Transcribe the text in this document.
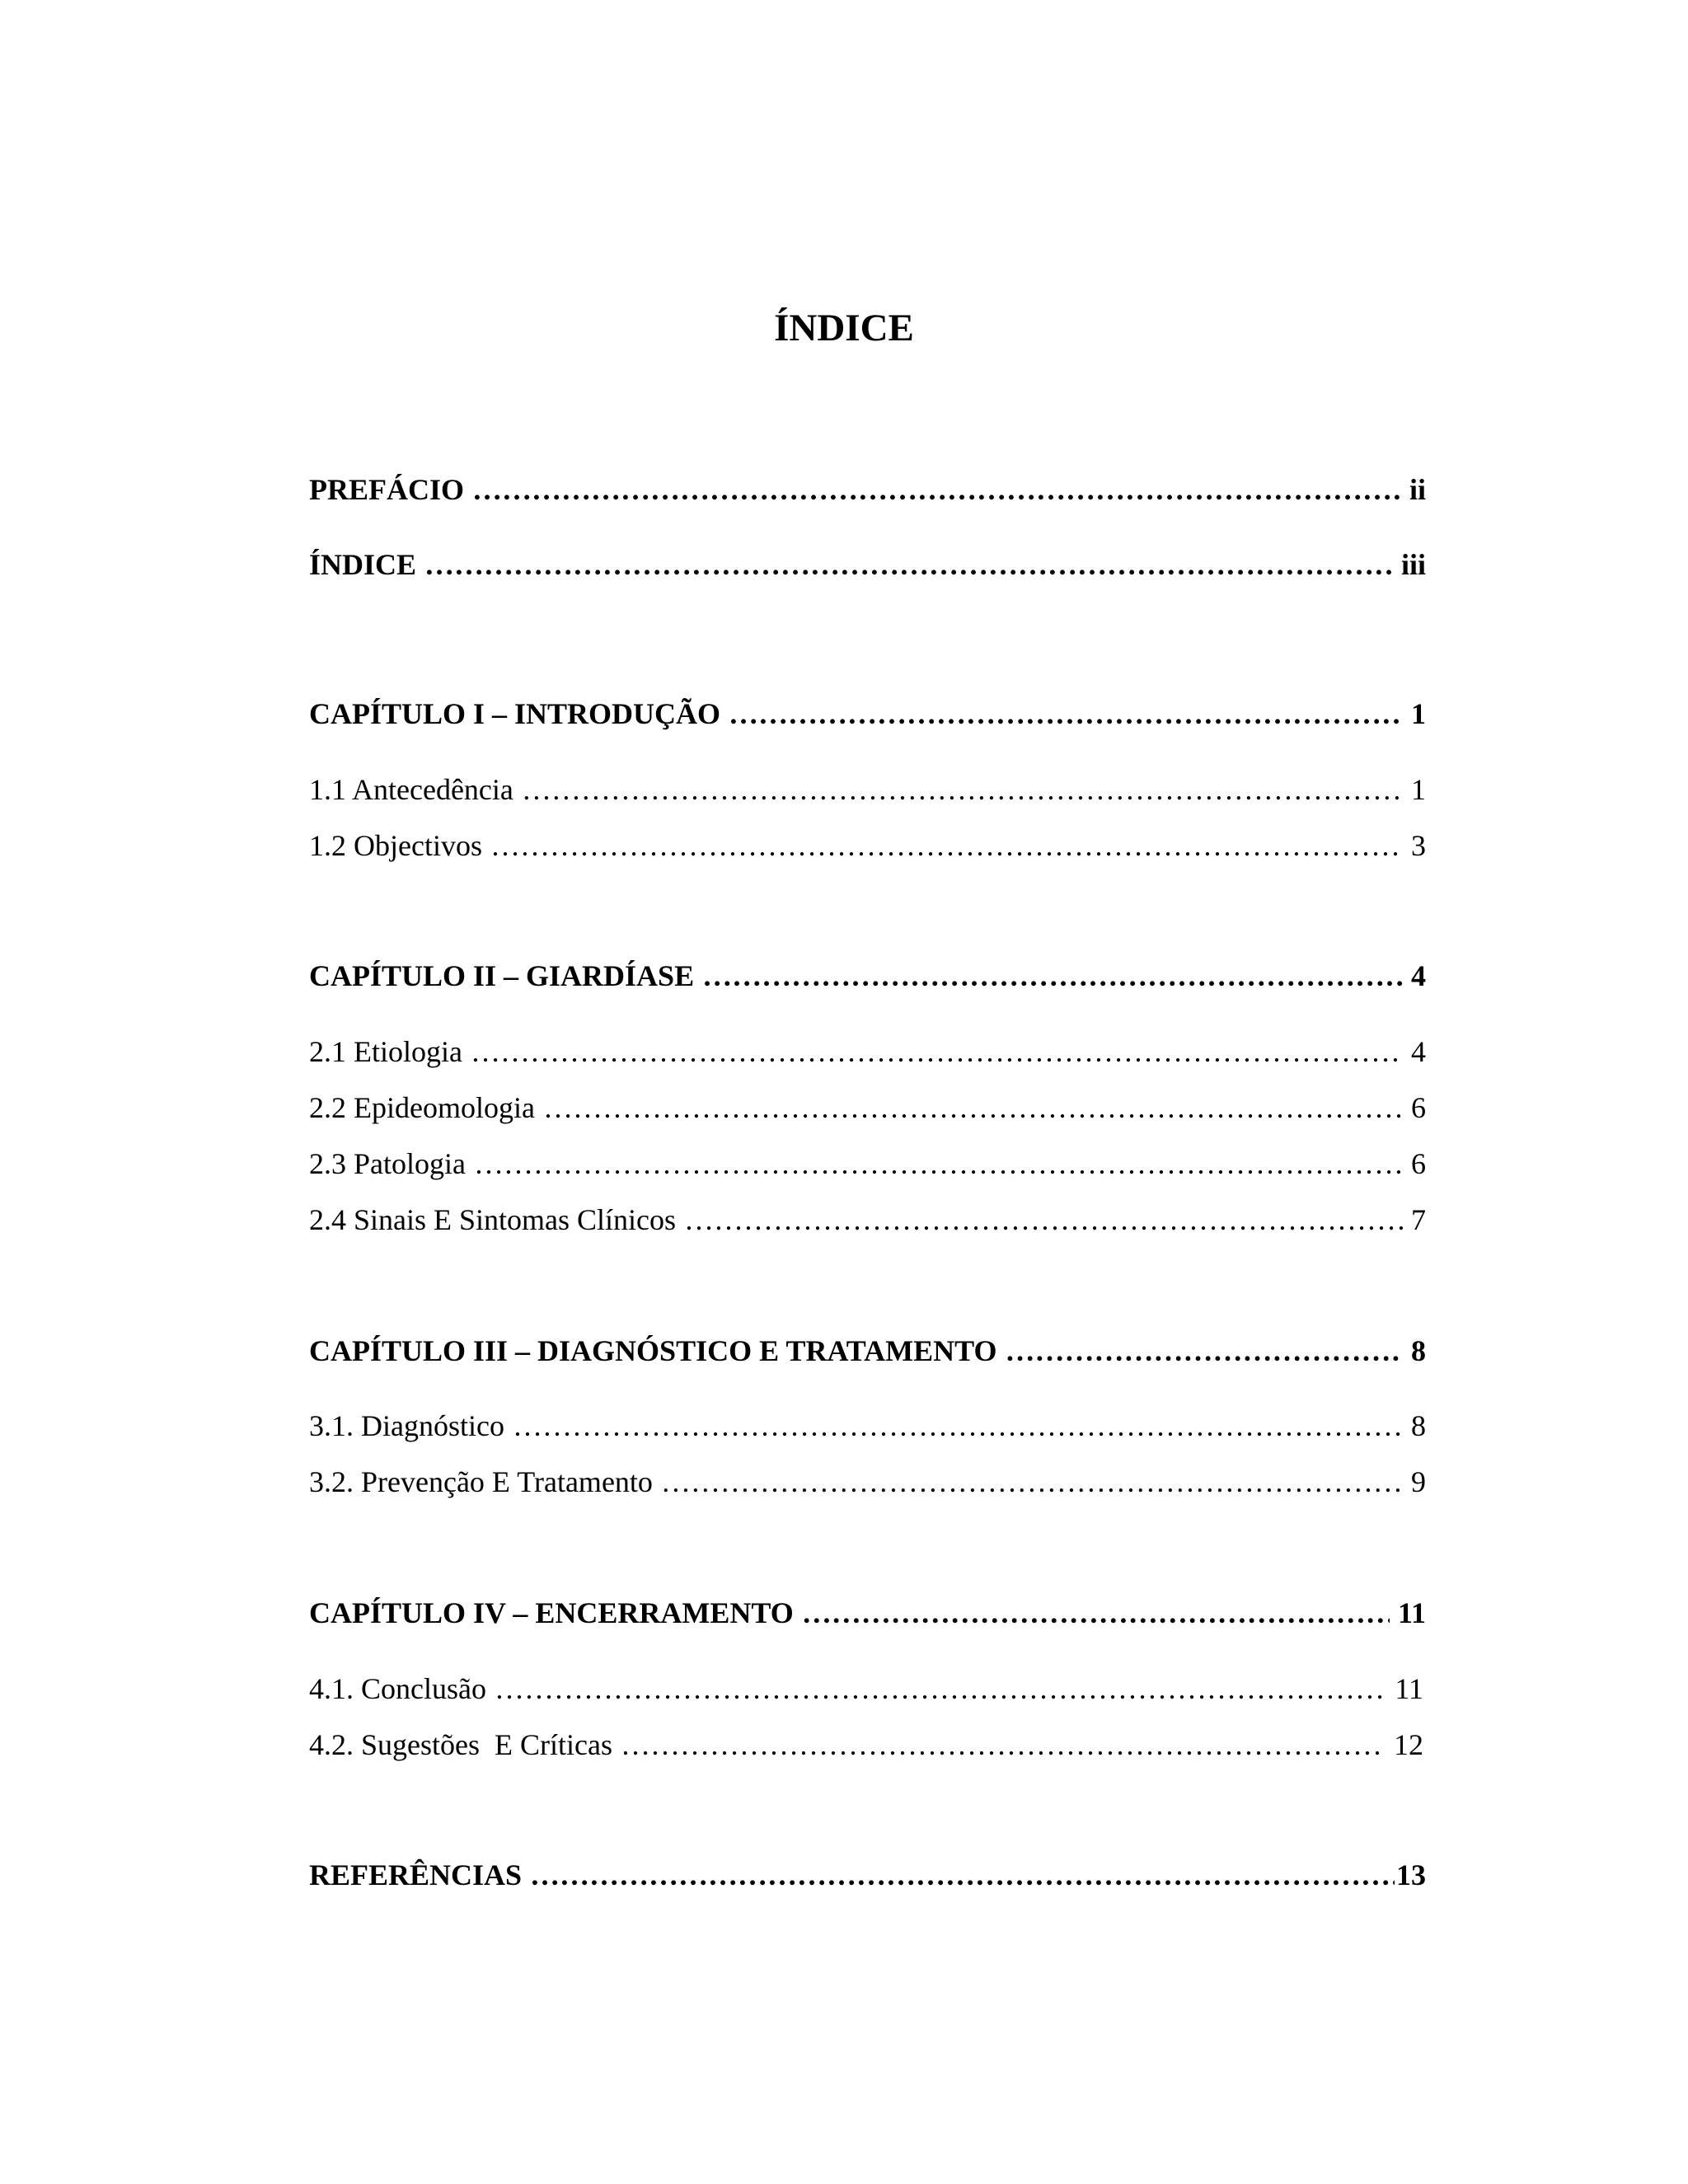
ÍNDICE
PREFÁCIO …………………………………………………………………………………………………………………………………………………………………………………………………………	ii
ÍNDICE …………………………………………………………………………………………………………………………………………………………………………………………………………	iii
CAPÍTULO I – INTRODUÇÃO …………………………………………………………………………………………………………………………………………………………………………………………………………	1
1.1 Antecedência …………………………………………………………………………………………………………………………………………………………………………………………………………	1
1.2 Objectivos …………………………………………………………………………………………………………………………………………………………………………………………………………	3
CAPÍTULO II – GIARDÍASE …………………………………………………………………………………………………………………………………………………………………………………………………………	4
2.1 Etiologia …………………………………………………………………………………………………………………………………………………………………………………………………………	4
2.2 Epideomologia …………………………………………………………………………………………………………………………………………………………………………………………………………	6
2.3 Patologia …………………………………………………………………………………………………………………………………………………………………………………………………………	6
2.4 Sinais E Sintomas Clínicos …………………………………………………………………………………………………………………………………………………………………………………………………………	7
CAPÍTULO III – DIAGNÓSTICO E TRATAMENTO …………………………………………………………………………………………………………………………………………………………………………………………………………	8
3.1. Diagnóstico …………………………………………………………………………………………………………………………………………………………………………………………………………	8
3.2. Prevenção E Tratamento …………………………………………………………………………………………………………………………………………………………………………………………………………	9
CAPÍTULO IV – ENCERRAMENTO …………………………………………………………………………………………………………………………………………………………………………………………………………	11
4.1. Conclusão …………………………………………………………………………………………………………………………………………………………………………………………………………	11
4.2. Sugestões  E Críticas …………………………………………………………………………………………………………………………………………………………………………………………………………	12
REFERÊNCIAS …………………………………………………………………………………………………………………………………………………………………………………………………………	13
